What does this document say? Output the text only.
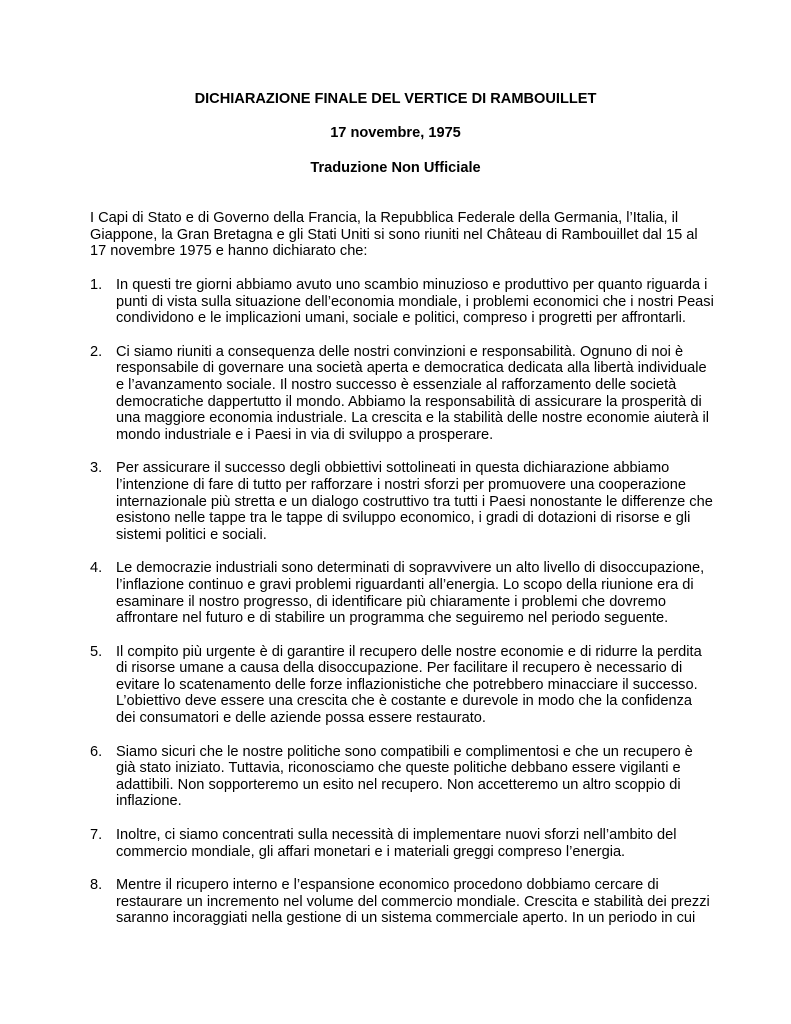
DICHIARAZIONE FINALE DEL VERTICE DI RAMBOUILLET

17 novembre, 1975

Traduzione Non Ufficiale

I Capi di Stato e di Governo della Francia, la Repubblica Federale della Germania, l’Italia, il Giappone, la Gran Bretagna e gli Stati Uniti si sono riuniti nel Château di Rambouillet dal 15 al 17 novembre 1975 e hanno dichiarato che:

1. In questi tre giorni abbiamo avuto uno scambio minuzioso e produttivo per quanto riguarda i punti di vista sulla situazione dell’economia mondiale, i problemi economici che i nostri Peasi condividono e le implicazioni umani, sociale e politici, compreso i progretti per affrontarli.
2. Ci siamo riuniti a consequenza delle nostri convinzioni e responsabilità. Ognuno di noi è responsabile di governare una società aperta e democratica dedicata alla libertà individuale e l’avanzamento sociale. Il nostro successo è essenziale al rafforzamento delle società democratiche dappertutto il mondo. Abbiamo la responsabilità di assicurare la prosperità di una maggiore economia industriale. La crescita e la stabilità delle nostre economie aiuterà il mondo industriale e i Paesi in via di sviluppo a prosperare.
3. Per assicurare il successo degli obbiettivi sottolineati in questa dichiarazione abbiamo l’intenzione di fare di tutto per rafforzare i nostri sforzi per promuovere una cooperazione internazionale più stretta e un dialogo costruttivo tra tutti i Paesi nonostante le differenze che esistono nelle tappe tra le tappe di sviluppo economico, i gradi di dotazioni di risorse e gli sistemi politici e sociali.
4. Le democrazie industriali sono determinati di sopravvivere un alto livello di disoccupazione, l’inflazione continuo e gravi problemi riguardanti all’energia. Lo scopo della riunione era di esaminare il nostro progresso, di identificare più chiaramente i problemi che dovremo affrontare nel futuro e di stabilire un programma che seguiremo nel periodo seguente.
5. Il compito più urgente è di garantire il recupero delle nostre economie e di ridurre la perdita di risorse umane a causa della disoccupazione. Per facilitare il recupero è necessario di evitare lo scatenamento delle forze inflazionistiche che potrebbero minacciare il successo. L’obiettivo deve essere una crescita che è costante e durevole in modo che la confidenza dei consumatori e delle aziende possa essere restaurato.
6. Siamo sicuri che le nostre politiche sono compatibili e complimentosi e che un recupero è già stato iniziato. Tuttavia, riconosciamo che queste politiche debbano essere vigilanti e adattibili. Non sopporteremo un esito nel recupero. Non accetteremo un altro scoppio di inflazione.
7. Inoltre, ci siamo concentrati sulla necessità di implementare nuovi sforzi nell’ambito del commercio mondiale, gli affari monetari e i materiali greggi compreso l’energia.
8. Mentre il ricupero interno e l’espansione economico procedono dobbiamo cercare di restaurare un incremento nel volume del commercio mondiale. Crescita e stabilità dei prezzi saranno incoraggiati nella gestione di un sistema commerciale aperto. In un periodo in cui
